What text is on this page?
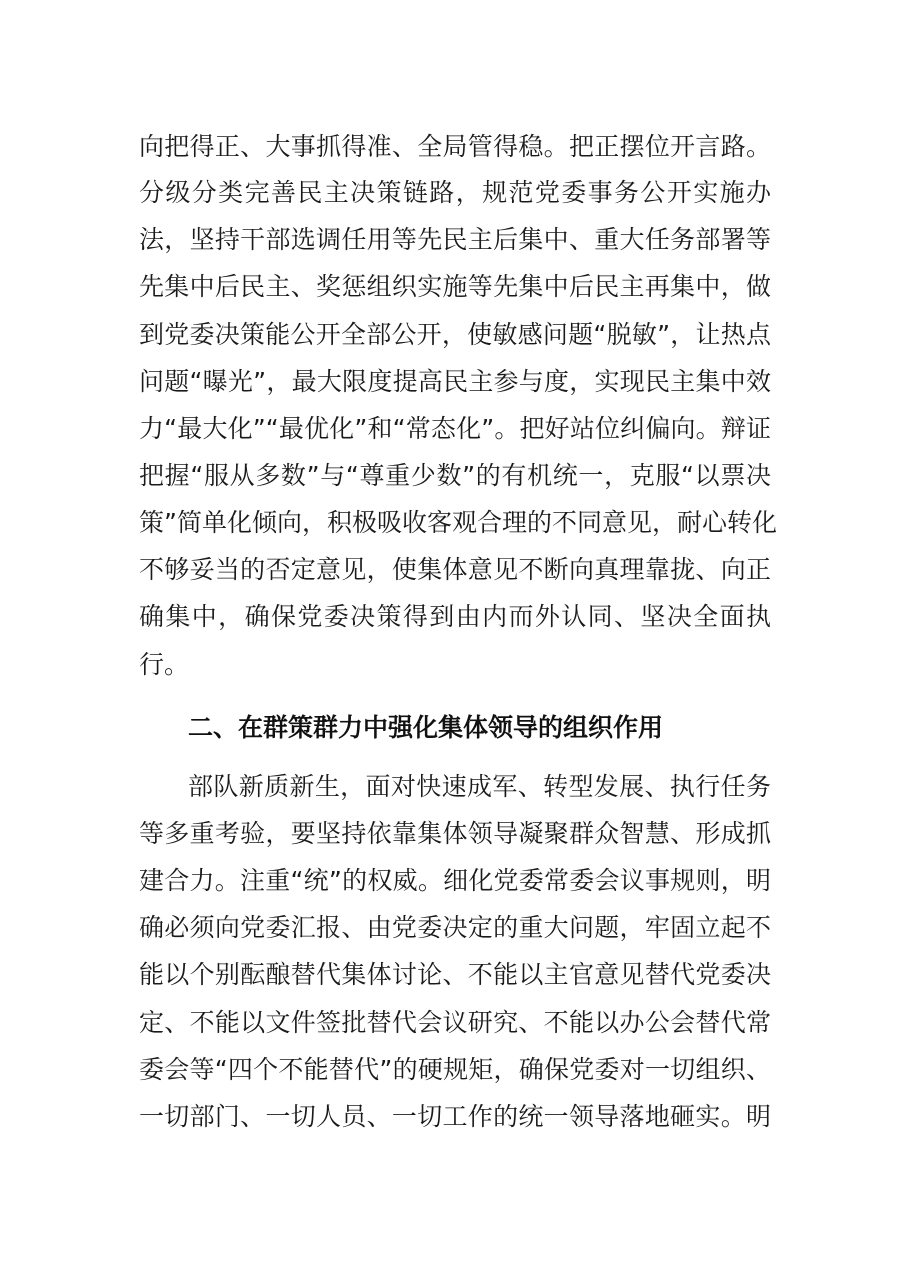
向把得正、大事抓得准、全局管得稳。把正摆位开言路。
分级分类完善民主决策链路，规范党委事务公开实施办
法，坚持干部选调任用等先民主后集中、重大任务部署等
先集中后民主、奖惩组织实施等先集中后民主再集中，做
到党委决策能公开全部公开，使敏感问题“脱敏”，让热点
问题“曝光”，最大限度提高民主参与度，实现民主集中效
力“最大化”“最优化”和“常态化”。把好站位纠偏向。辩证
把握“服从多数”与“尊重少数”的有机统一，克服“以票决
策”简单化倾向，积极吸收客观合理的不同意见，耐心转化
不够妥当的否定意见，使集体意见不断向真理靠拢、向正
确集中，确保党委决策得到由内而外认同、坚决全面执
行。
二、在群策群力中强化集体领导的组织作用
部队新质新生，面对快速成军、转型发展、执行任务
等多重考验，要坚持依靠集体领导凝聚群众智慧、形成抓
建合力。注重“统”的权威。细化党委常委会议事规则，明
确必须向党委汇报、由党委决定的重大问题，牢固立起不
能以个别酝酿替代集体讨论、不能以主官意见替代党委决
定、不能以文件签批替代会议研究、不能以办公会替代常
委会等“四个不能替代”的硬规矩，确保党委对一切组织、
一切部门、一切人员、一切工作的统一领导落地砸实。明
